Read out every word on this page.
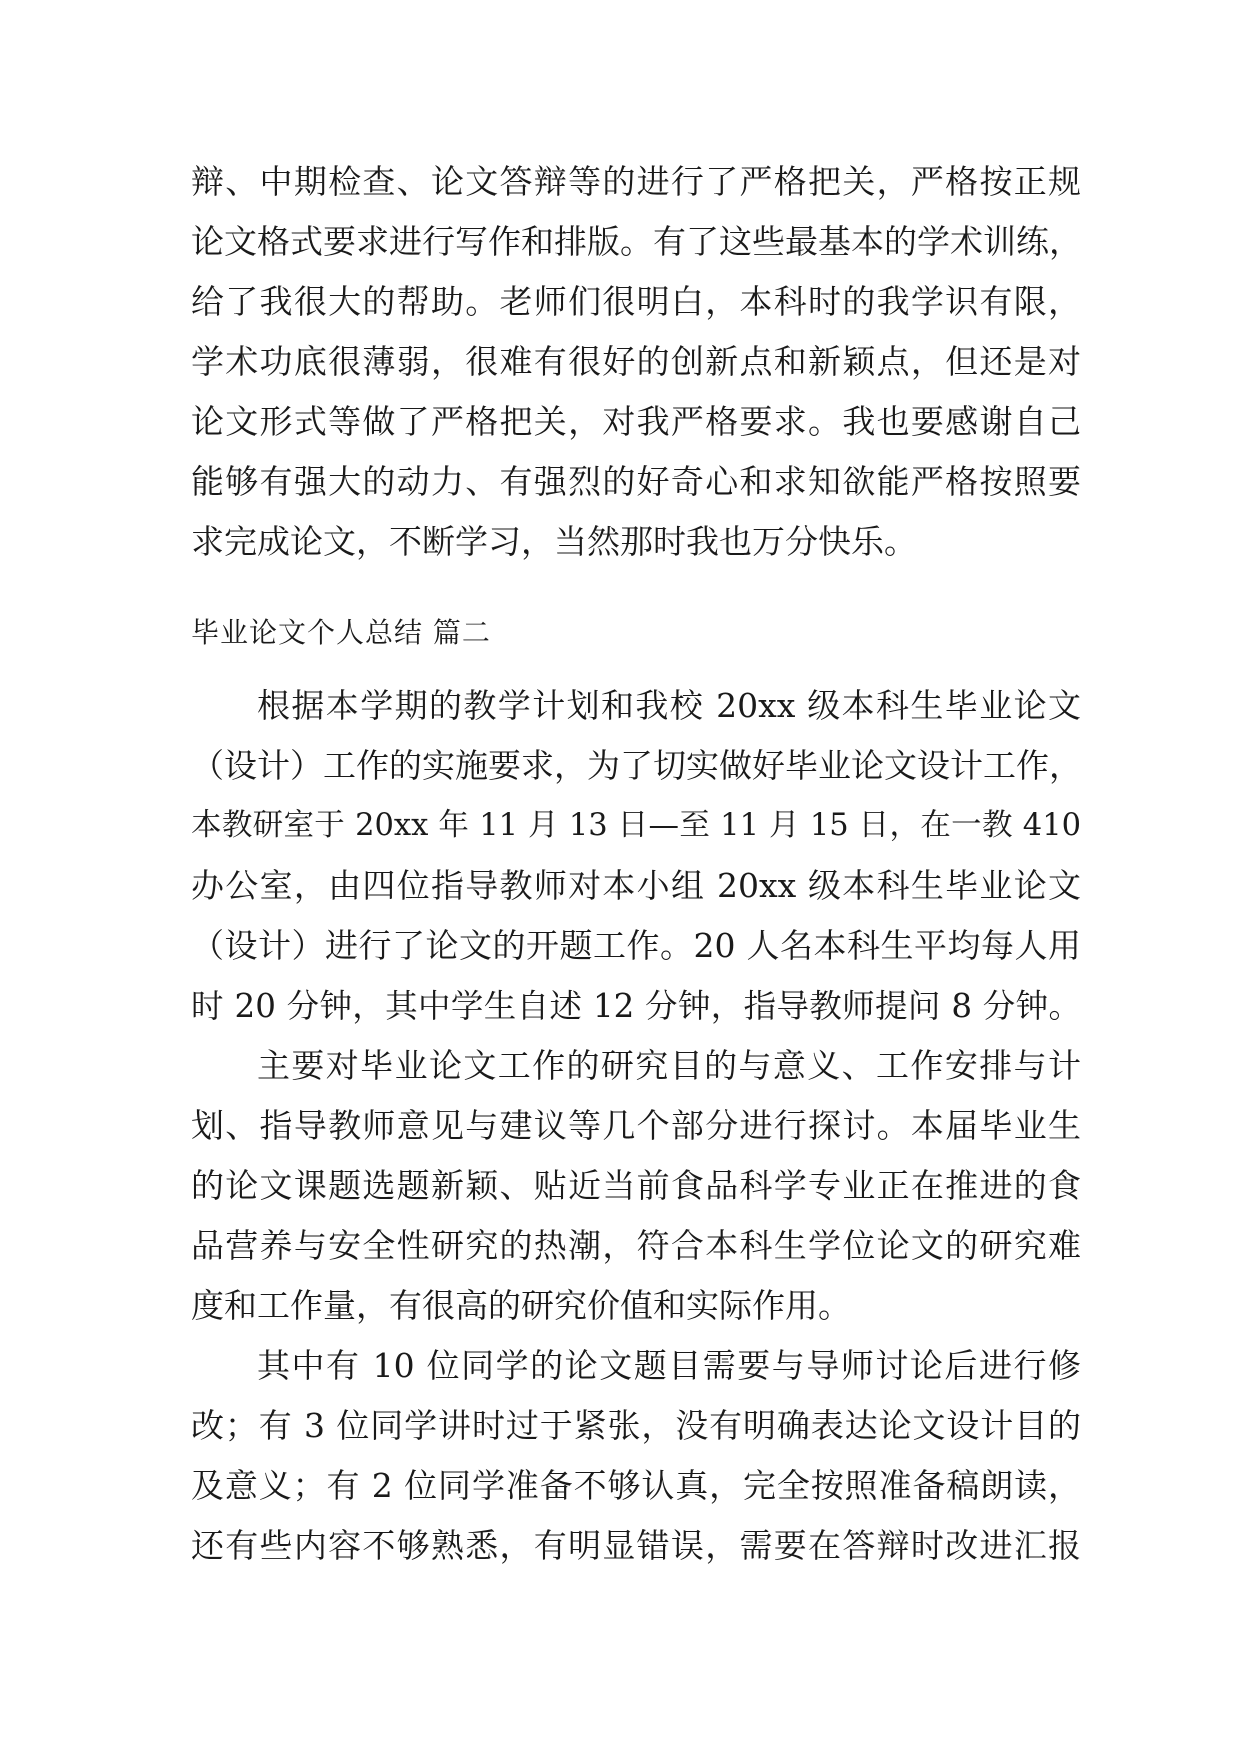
辩、中期检查、论文答辩等的进行了严格把关，严格按正规
论文格式要求进行写作和排版。有了这些最基本的学术训练，
给了我很大的帮助。老师们很明白，本科时的我学识有限，
学术功底很薄弱，很难有很好的创新点和新颖点，但还是对
论文形式等做了严格把关，对我严格要求。我也要感谢自己
能够有强大的动力、有强烈的好奇心和求知欲能严格按照要
求完成论文，不断学习，当然那时我也万分快乐。
毕业论文个人总结 篇二
根据本学期的教学计划和我校 20xx 级本科生毕业论文
（设计）工作的实施要求，为了切实做好毕业论文设计工作，
本教研室于 20xx 年 11 月 13 日—至 11 月 15 日，在一教 410
办公室，由四位指导教师对本小组 20xx 级本科生毕业论文
（设计）进行了论文的开题工作。20 人名本科生平均每人用
时 20 分钟，其中学生自述 12 分钟，指导教师提问 8 分钟。
主要对毕业论文工作的研究目的与意义、工作安排与计
划、指导教师意见与建议等几个部分进行探讨。本届毕业生
的论文课题选题新颖、贴近当前食品科学专业正在推进的食
品营养与安全性研究的热潮，符合本科生学位论文的研究难
度和工作量，有很高的研究价值和实际作用。
其中有 10 位同学的论文题目需要与导师讨论后进行修
改；有 3 位同学讲时过于紧张，没有明确表达论文设计目的
及意义；有 2 位同学准备不够认真，完全按照准备稿朗读，
还有些内容不够熟悉，有明显错误，需要在答辩时改进汇报
